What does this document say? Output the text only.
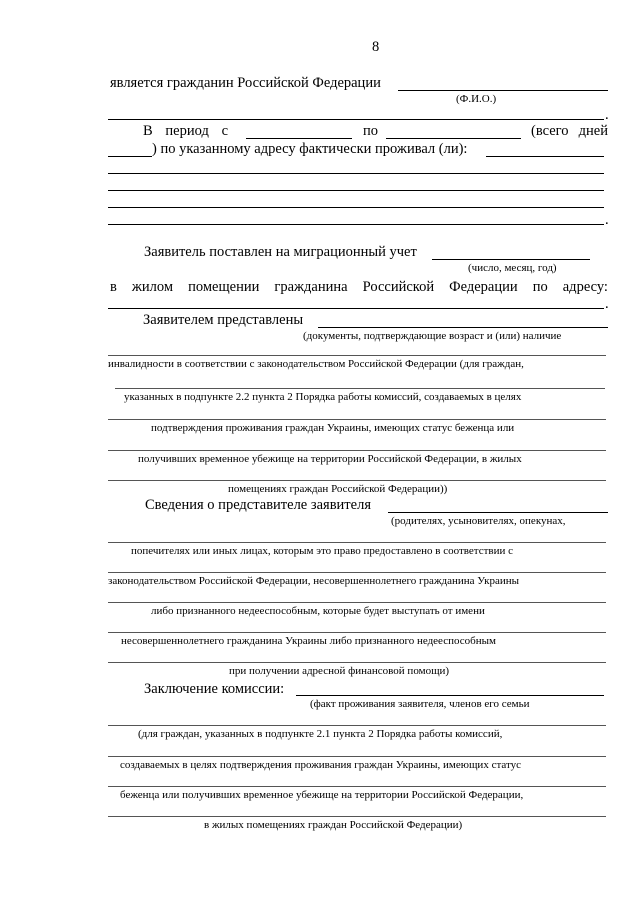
8
является гражданин Российской Федерации
(Ф.И.О.)
.
В период с	по	(всего дней
) по указанному адресу фактически проживал (ли):
.
Заявитель поставлен на миграционный учет
(число, месяц, год)
в жилом помещении гражданина Российской Федерации по адресу:
.
Заявителем представлены
(документы, подтверждающие возраст и (или) наличие
инвалидности в соответствии с законодательством Российской Федерации (для граждан,
указанных в подпункте 2.2 пункта 2 Порядка работы комиссий, создаваемых в целях
подтверждения проживания граждан Украины, имеющих статус беженца или
получивших временное убежище на территории Российской Федерации, в жилых
помещениях граждан Российской Федерации))
Сведения о представителе заявителя
(родителях, усыновителях, опекунах,
попечителях или иных лицах, которым это право предоставлено в соответствии с
законодательством Российской Федерации, несовершеннолетнего гражданина Украины
либо признанного недееспособным, которые будет выступать от имени
несовершеннолетнего гражданина Украины либо признанного недееспособным
при получении адресной финансовой помощи)
Заключение комиссии:
(факт проживания заявителя, членов его семьи
(для граждан, указанных в подпункте 2.1 пункта 2 Порядка работы комиссий,
создаваемых в целях подтверждения проживания граждан Украины, имеющих статус
беженца или получивших временное убежище на территории Российской Федерации,
в жилых помещениях граждан Российской Федерации)
